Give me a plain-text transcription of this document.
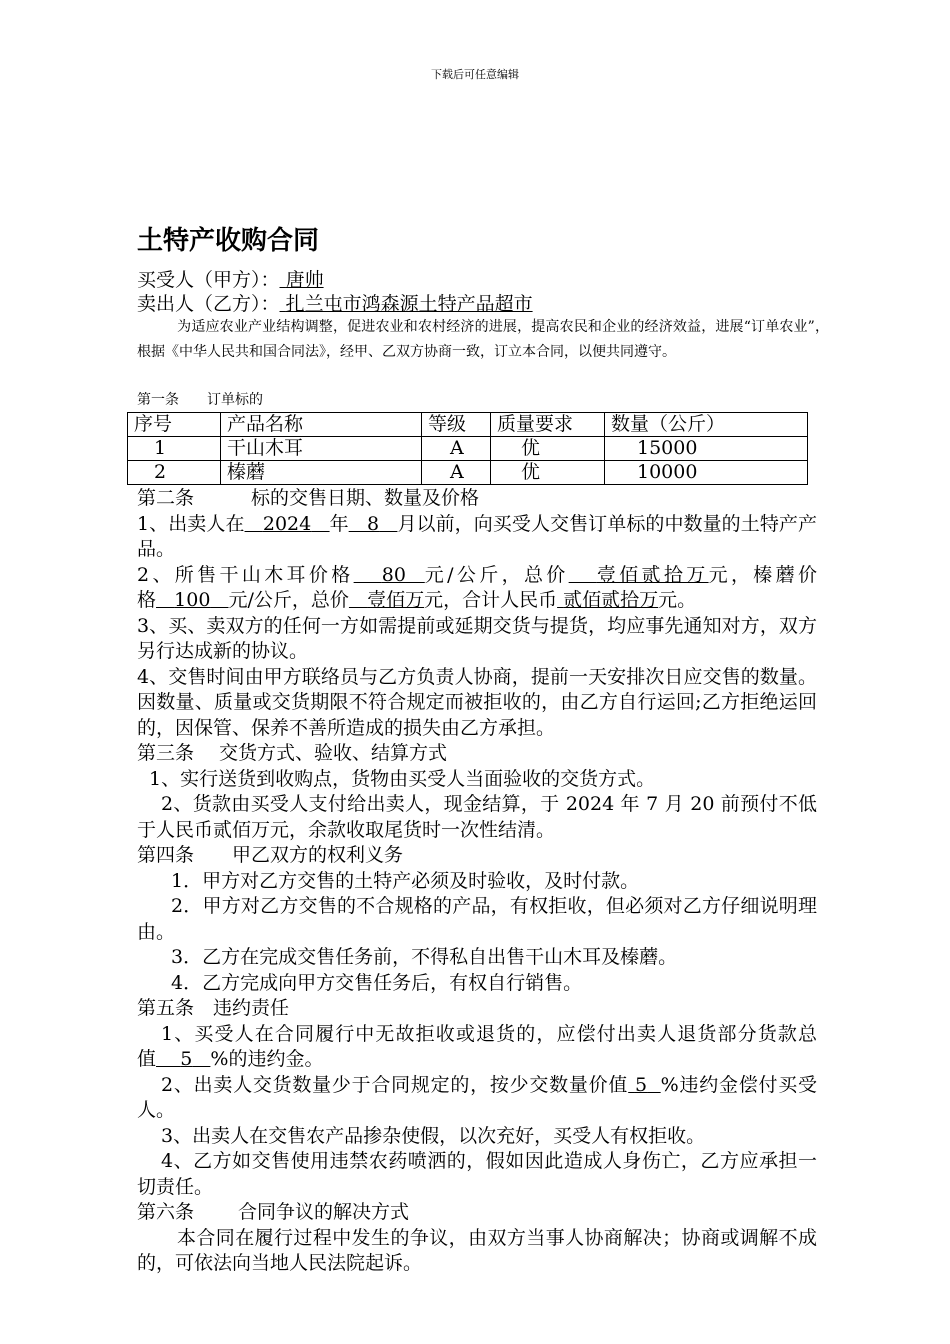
下载后可任意编辑
土特产收购合同
买受人（甲方）： 唐帅
卖出人（乙方）： 扎兰屯市鸿森源土特产品超市
为适应农业产业结构调整，促进农业和农村经济的进展，提高农民和企业的经济效益，进展“订单农业”，根据《中华人民共和国合同法》，经甲、乙双方协商一致，订立本合同，以便共同遵守。
第一条　　订单标的
序号	产品名称	等级	质量要求	数量（公斤）
1	干山木耳	A	优	15000
2	榛蘑	A	优	10000

第二条　　　标的交售日期、数量及价格

1、出卖人在 2024 年 8 月以前，向买受人交售订单标的中数量的土特产产品。

2、所售干山木耳价格 80 元/公斤，总价 壹佰贰拾万元，榛蘑价格 100 元/公斤，总价 壹佰万元，合计人民币 贰佰贰拾万元。

3、买、卖双方的任何一方如需提前或延期交货与提货，均应事先通知对方，双方另行达成新的协议。

4、交售时间由甲方联络员与乙方负责人协商，提前一天安排次日应交售的数量。因数量、质量或交货期限不符合规定而被拒收的，由乙方自行运回;乙方拒绝运回的，因保管、保养不善所造成的损失由乙方承担。

第三条　 交货方式、验收、结算方式

1、实行送货到收购点，货物由买受人当面验收的交货方式。

2、货款由买受人支付给出卖人，现金结算，于 2024 年 7 月 20 前预付不低于人民币贰佰万元，余款收取尾货时一次性结清。

第四条　　甲乙双方的权利义务

1．甲方对乙方交售的土特产必须及时验收，及时付款。

2．甲方对乙方交售的不合规格的产品，有权拒收，但必须对乙方仔细说明理由。

3．乙方在完成交售任务前，不得私自出售干山木耳及榛蘑。

4．乙方完成向甲方交售任务后，有权自行销售。

第五条　违约责任

1、买受人在合同履行中无故拒收或退货的，应偿付出卖人退货部分货款总值 5 %的违约金。

2、出卖人交货数量少于合同规定的，按少交数量价值 5 %违约金偿付买受人。

3、出卖人在交售农产品掺杂使假，以次充好，买受人有权拒收。

4、乙方如交售使用违禁农药喷洒的，假如因此造成人身伤亡，乙方应承担一切责任。

第六条　　 合同争议的解决方式

本合同在履行过程中发生的争议，由双方当事人协商解决；协商或调解不成的，可依法向当地人民法院起诉。
